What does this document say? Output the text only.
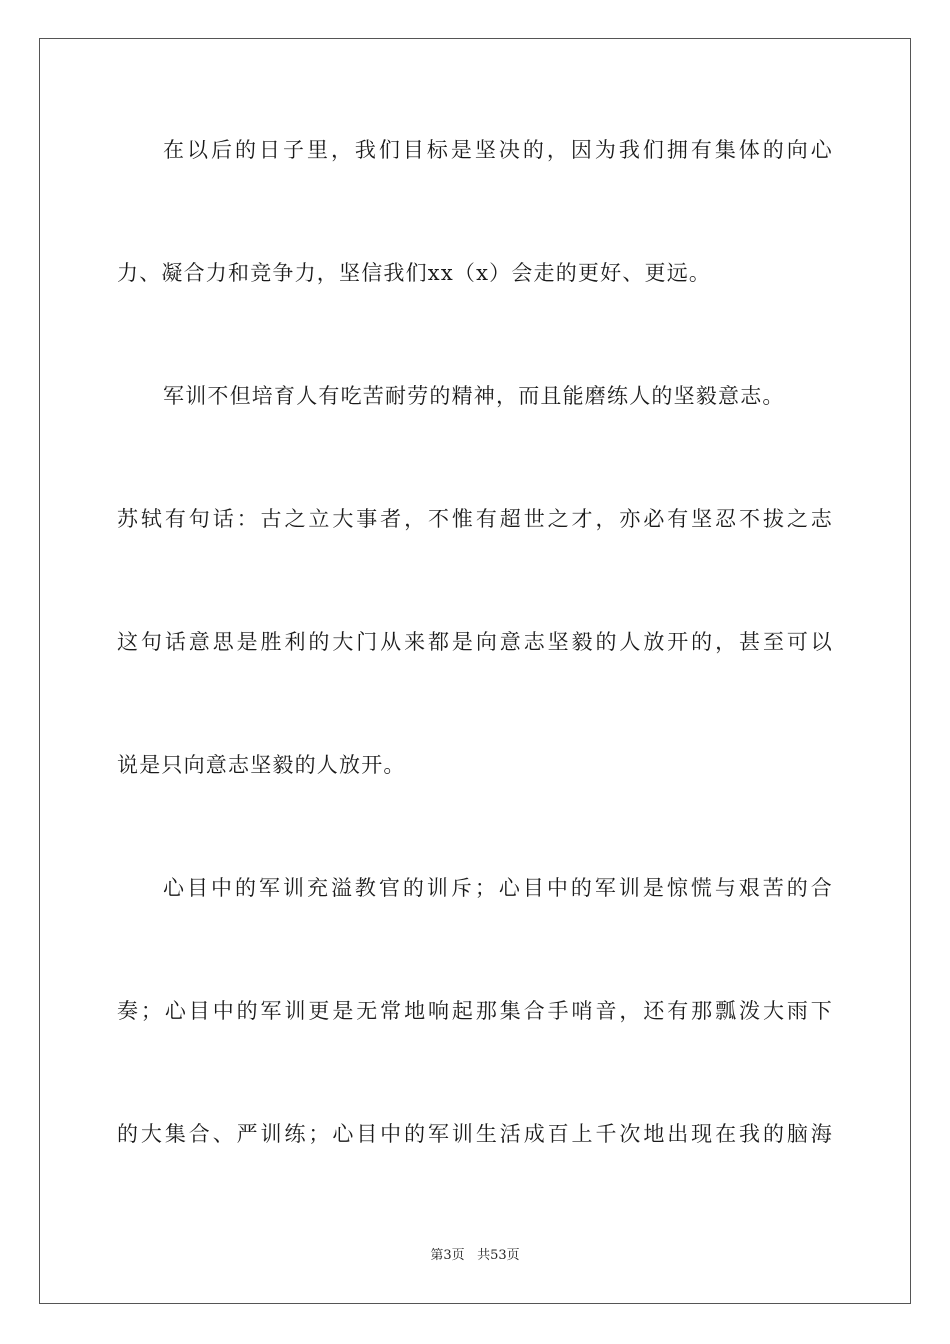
在以后的日子里，我们目标是坚决的，因为我们拥有集体的向心
力、凝合力和竞争力，坚信我们xx（x）会走的更好、更远。
军训不但培育人有吃苦耐劳的精神，而且能磨练人的坚毅意志。
苏轼有句话：古之立大事者，不惟有超世之才，亦必有坚忍不拔之志
这句话意思是胜利的大门从来都是向意志坚毅的人放开的，甚至可以
说是只向意志坚毅的人放开。
心目中的军训充溢教官的训斥；心目中的军训是惊慌与艰苦的合
奏；心目中的军训更是无常地响起那集合手哨音，还有那瓢泼大雨下
的大集合、严训练；心目中的军训生活成百上千次地出现在我的脑海
第3页 共53页
